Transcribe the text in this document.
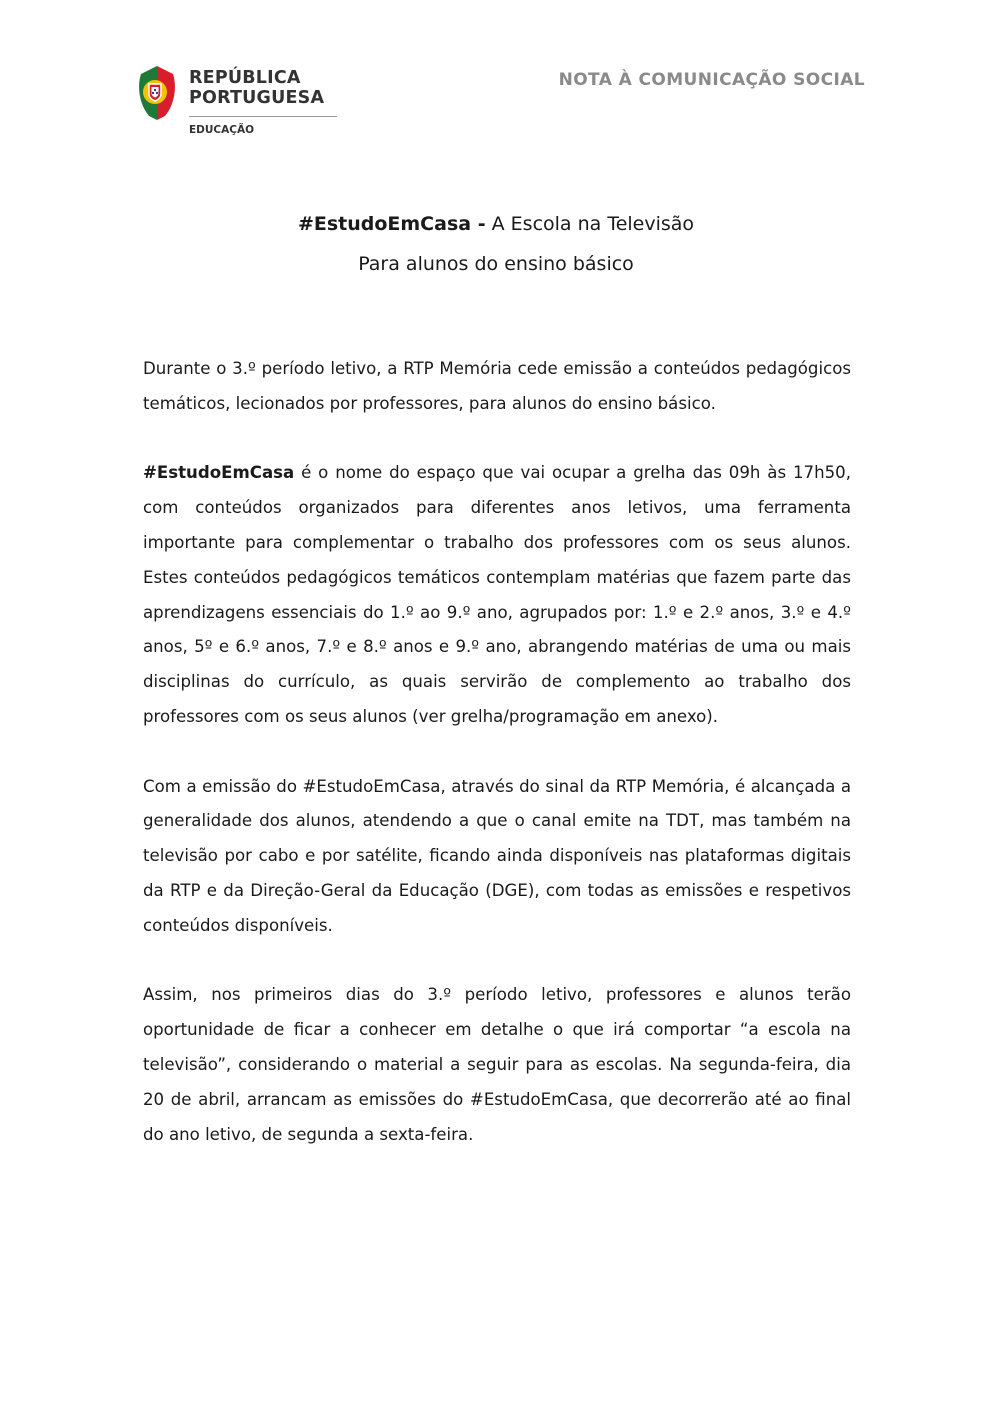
REPÚBLICA
PORTUGUESA
EDUCAÇÃO
NOTA À COMUNICAÇÃO SOCIAL
#EstudoEmCasa - A Escola na Televisão
Para alunos do ensino básico

Durante o 3.º período letivo, a RTP Memória cede emissão a conteúdos pedagógicos temáticos, lecionados por professores, para alunos do ensino básico.

#EstudoEmCasa é o nome do espaço que vai ocupar a grelha das 09h às 17h50, com conteúdos organizados para diferentes anos letivos, uma ferramenta importante para complementar o trabalho dos professores com os seus alunos. Estes conteúdos pedagógicos temáticos contemplam matérias que fazem parte das aprendizagens essenciais do 1.º ao 9.º ano, agrupados por: 1.º e 2.º anos, 3.º e 4.º anos, 5º e 6.º anos, 7.º e 8.º anos e 9.º ano, abrangendo matérias de uma ou mais disciplinas do currículo, as quais servirão de complemento ao trabalho dos professores com os seus alunos (ver grelha/programação em anexo).

Com a emissão do #EstudoEmCasa, através do sinal da RTP Memória, é alcançada a generalidade dos alunos, atendendo a que o canal emite na TDT, mas também na televisão por cabo e por satélite, ficando ainda disponíveis nas plataformas digitais da RTP e da Direção-Geral da Educação (DGE), com todas as emissões e respetivos conteúdos disponíveis.

Assim, nos primeiros dias do 3.º período letivo, professores e alunos terão oportunidade de ficar a conhecer em detalhe o que irá comportar “a escola na televisão”, considerando o material a seguir para as escolas. Na segunda-feira, dia 20 de abril, arrancam as emissões do #EstudoEmCasa, que decorrerão até ao final do ano letivo, de segunda a sexta-feira.
